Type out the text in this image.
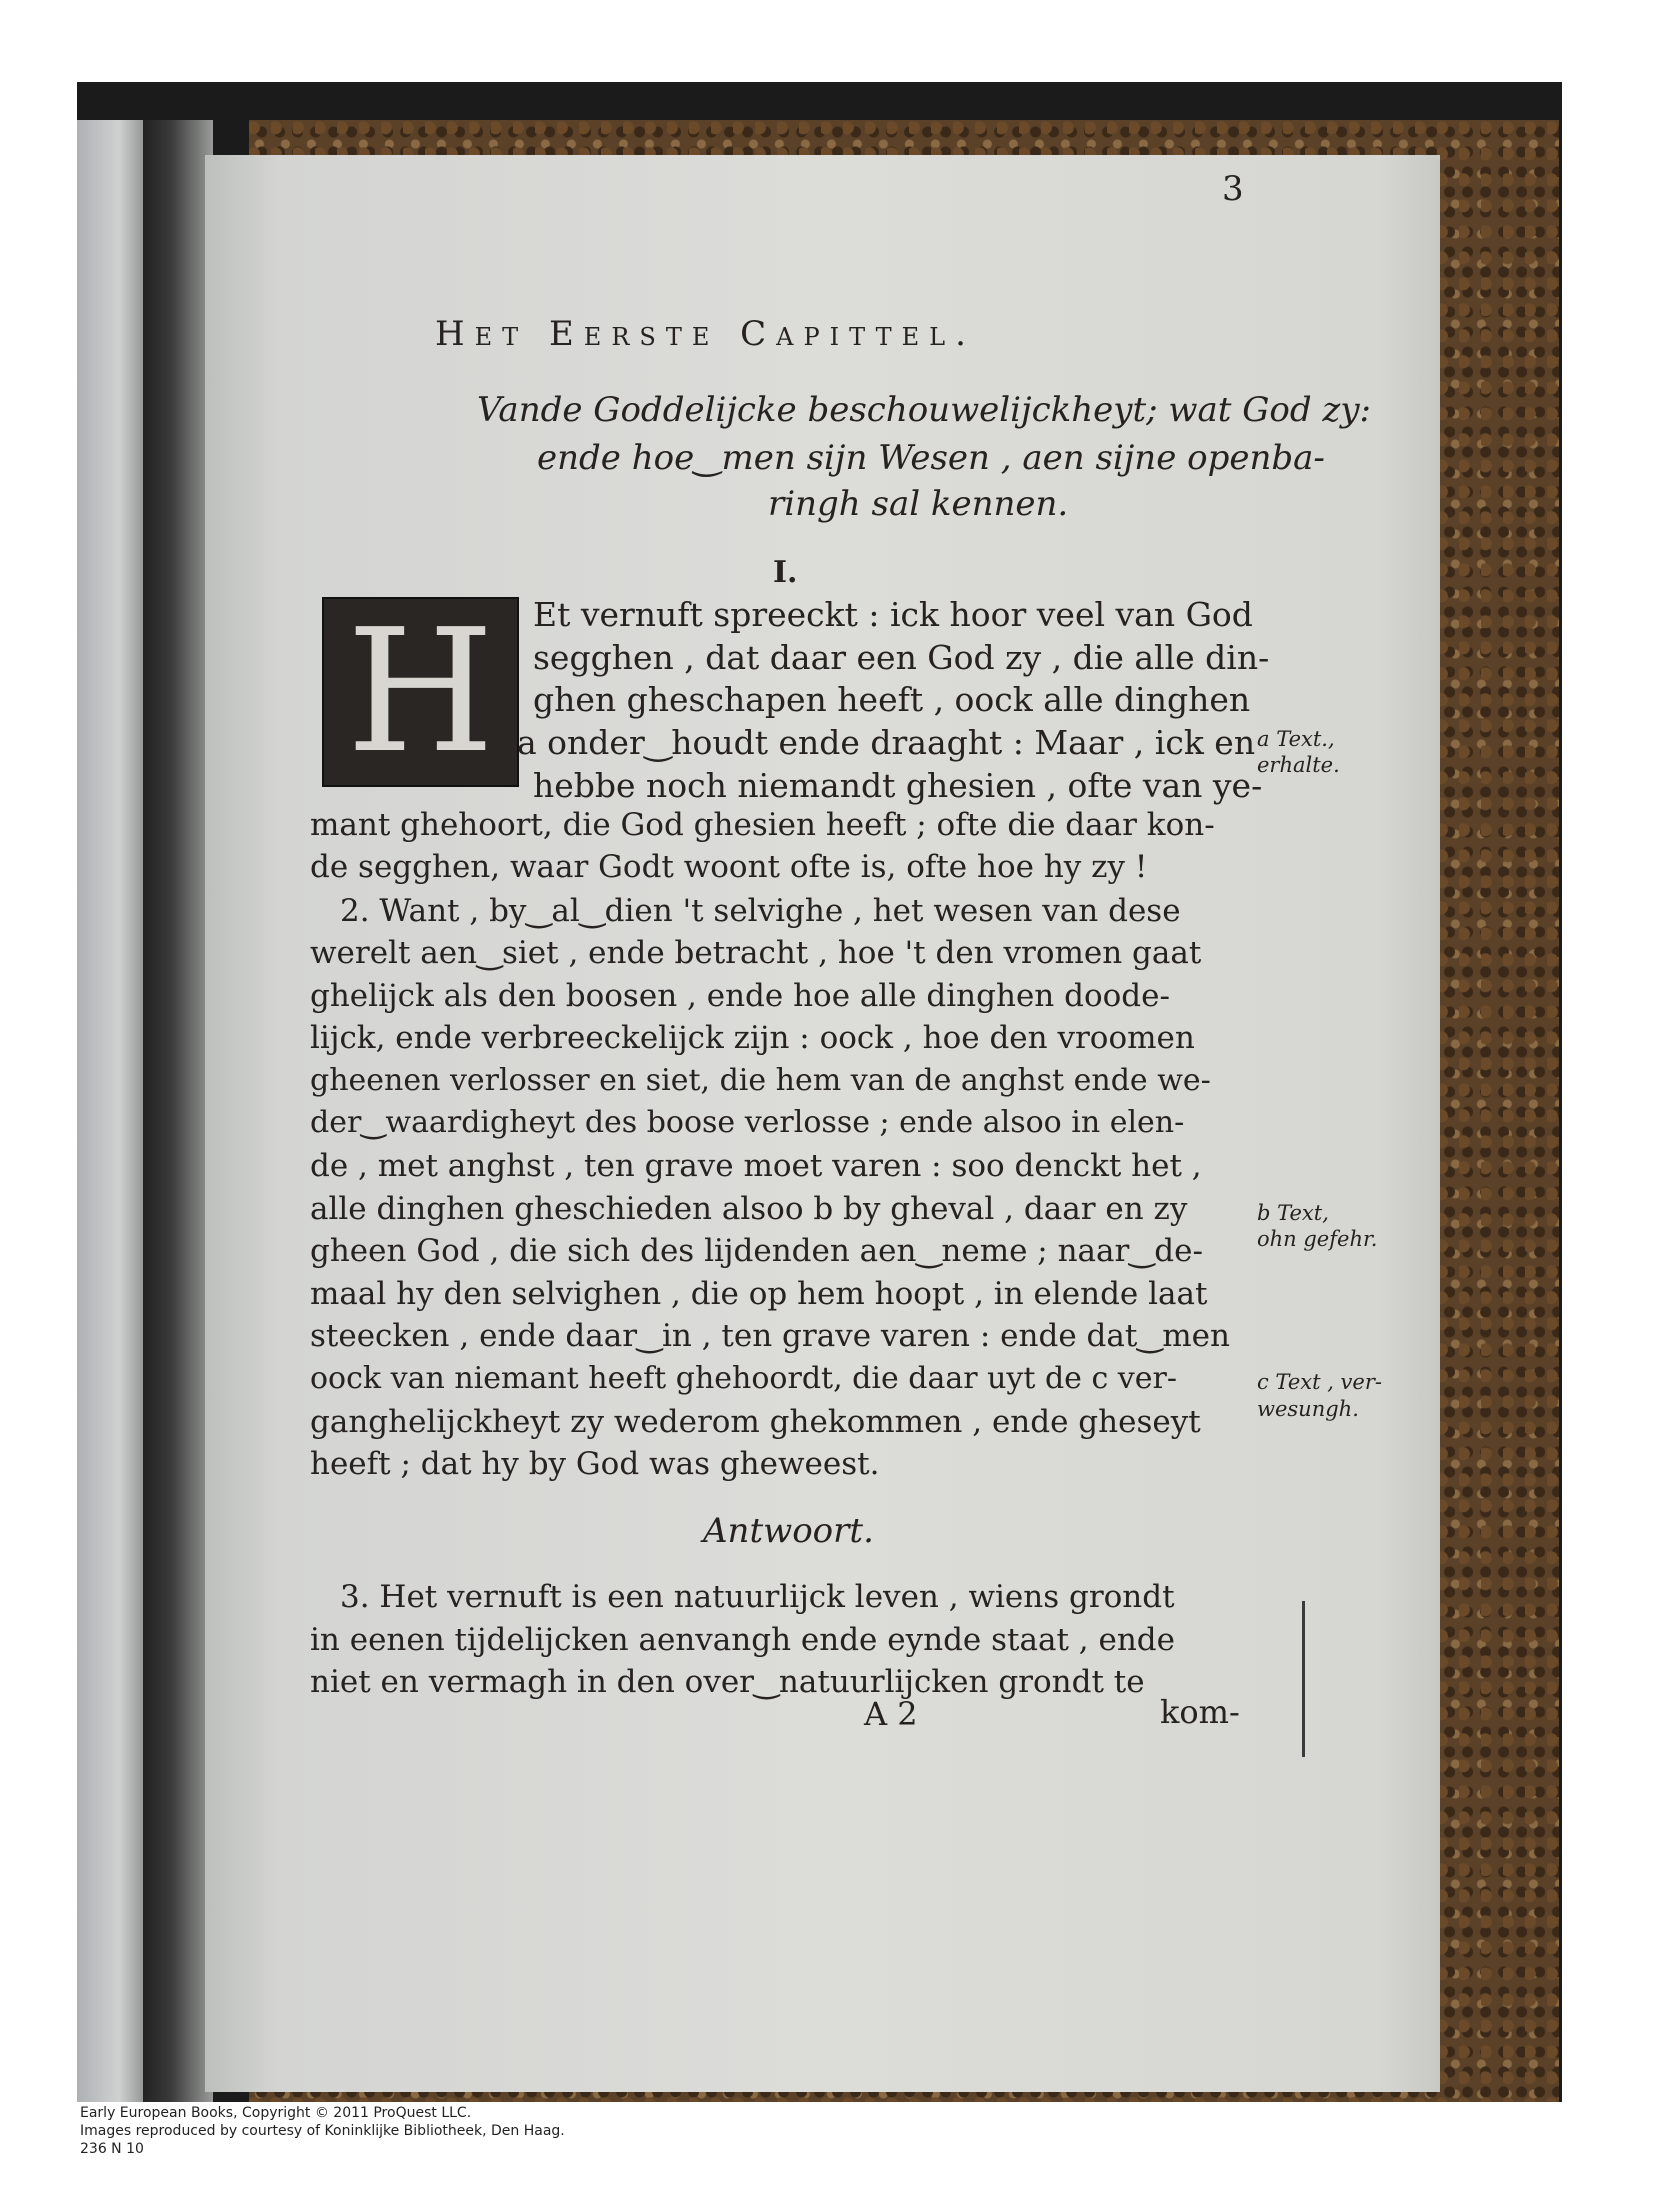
3
Het Eerste Capittel.
Vande Goddelijcke beschouwelijckheyt; wat God zy:
ende hoe‿men sijn Wesen , aen sijne openba-
ringh sal kennen.
I.
H Et vernuft spreeckt : ick hoor veel van God
segghen , dat daar een God zy , die alle din-
ghen gheschapen heeft , oock alle dinghen
a onder‿houdt ende draaght : Maar , ick en
hebbe noch niemandt ghesien , ofte van ye-
mant ghehoort, die God ghesien heeft ; ofte die daar kon-
de segghen, waar Godt woont ofte is, ofte hoe hy zy !
2. Want , by‿al‿dien 't selvighe , het wesen van dese
werelt aen‿siet , ende betracht , hoe 't den vromen gaat
ghelijck als den boosen , ende hoe alle dinghen doode-
lijck, ende verbreeckelijck zijn : oock , hoe den vroomen
gheenen verlosser en siet, die hem van de anghst ende we-
der‿waardigheyt des boose verlosse ; ende alsoo in elen-
de , met anghst , ten grave moet varen : soo denckt het ,
alle dinghen gheschieden alsoo b by gheval , daar en zy
gheen God , die sich des lijdenden aen‿neme ; naar‿de-
maal hy den selvighen , die op hem hoopt , in elende laat
steecken , ende daar‿in , ten grave varen : ende dat‿men
oock van niemant heeft ghehoordt, die daar uyt de c ver-
ganghelijckheyt zy wederom ghekommen , ende gheseyt
heeft ; dat hy by God was gheweest.
a Text.,
erhalte.
b Text,
ohn gefehr.
c Text , ver-
wesungh.
Antwoort.
3. Het vernuft is een natuurlijck leven , wiens grondt
in eenen tijdelijcken aenvangh ende eynde staat , ende
niet en vermagh in den over‿natuurlijcken grondt te
A 2	kom-
Early European Books, Copyright © 2011 ProQuest LLC.
Images reproduced by courtesy of Koninklijke Bibliotheek, Den Haag.
236 N 10
